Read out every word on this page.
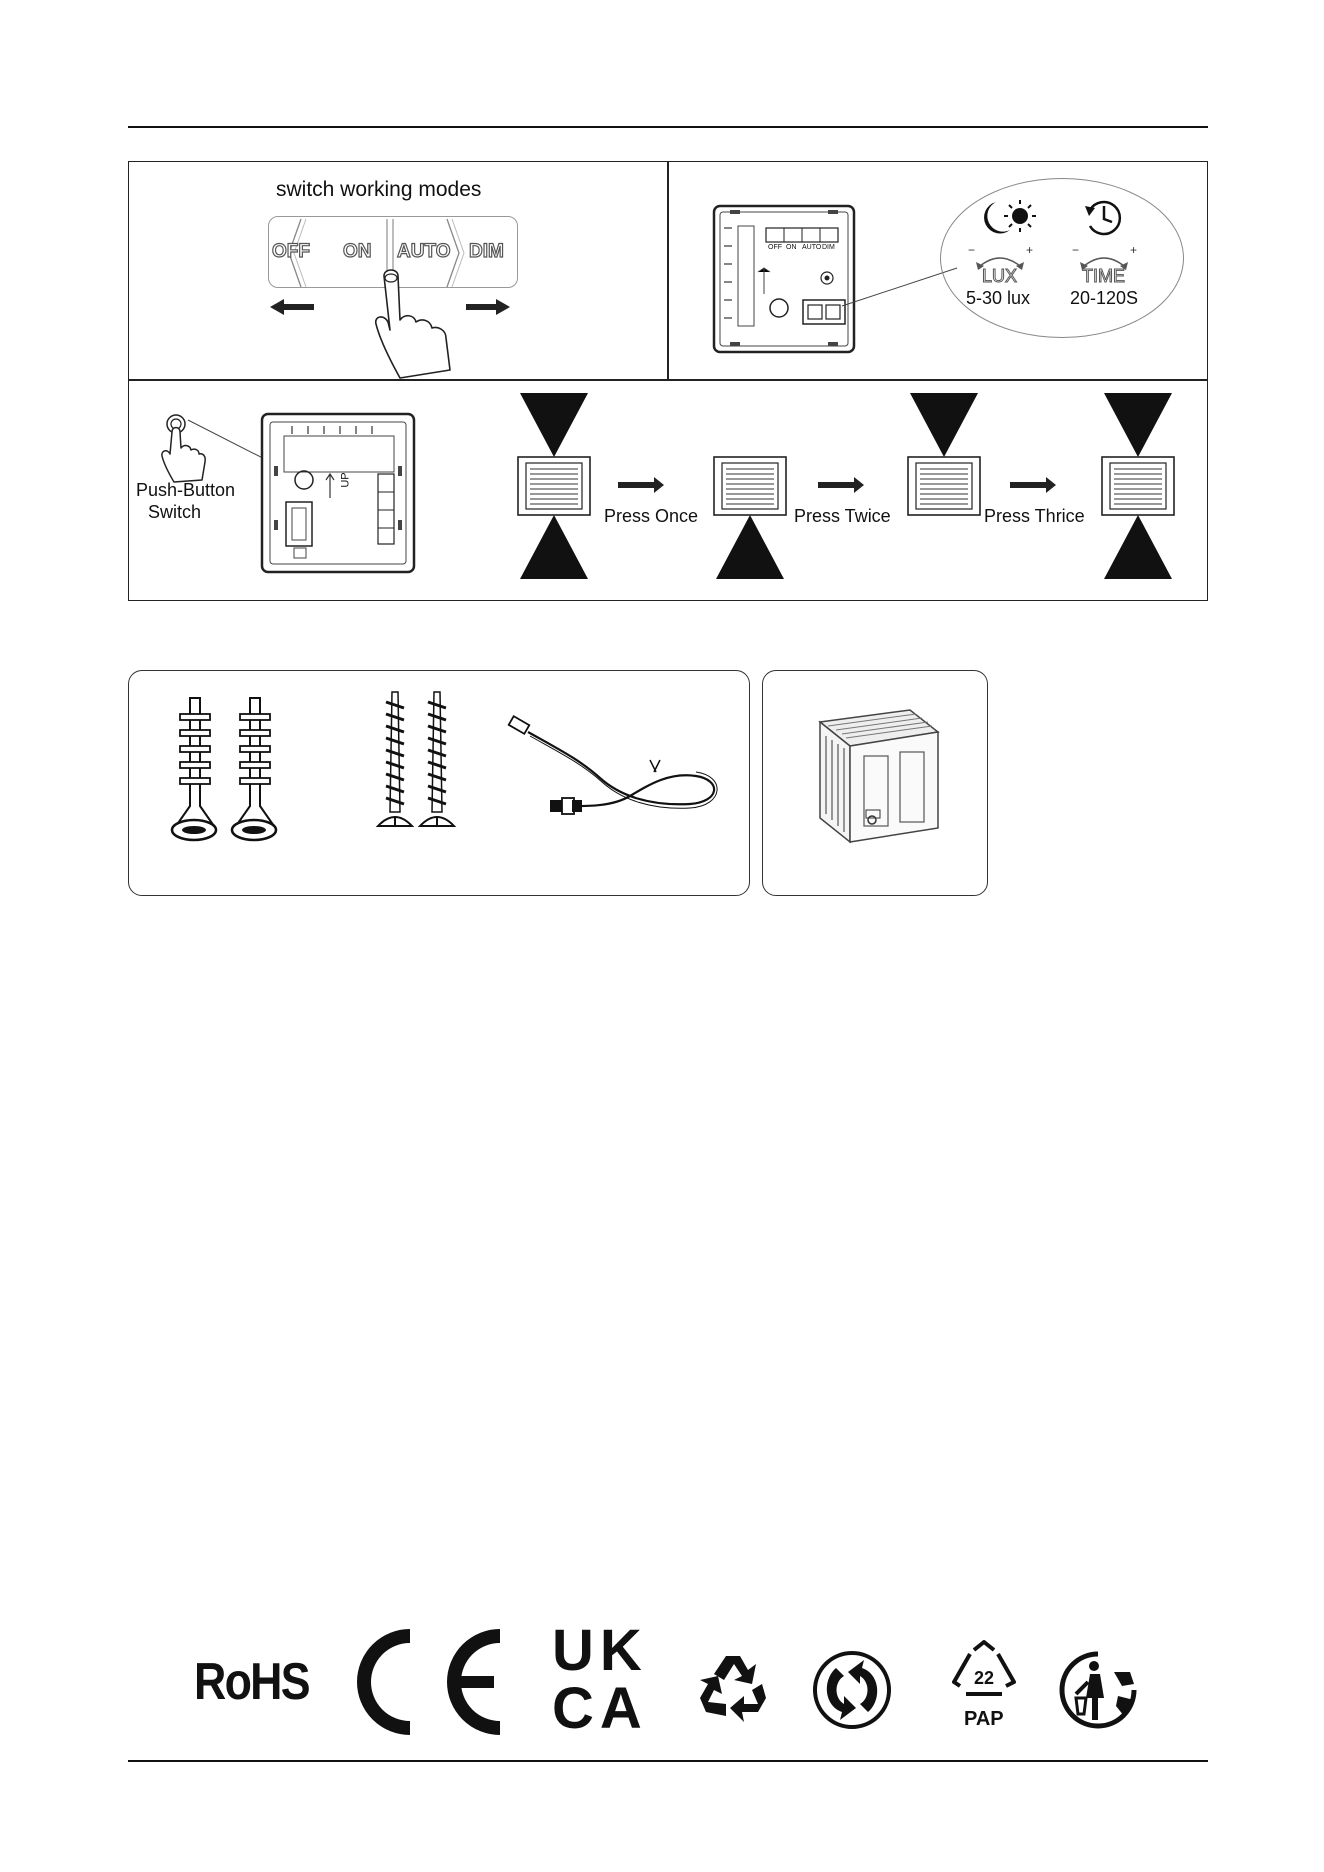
switch working modes
OFF ON AUTO DIM	OFF ON AUTO DIM	−	+	−	+
LUX	TIME
5-30 lux 20-120S
Push-Button
Switch
UP
Press Once	Press Twice	Press Thrice
RoHS	UK
CA	22
PAP
